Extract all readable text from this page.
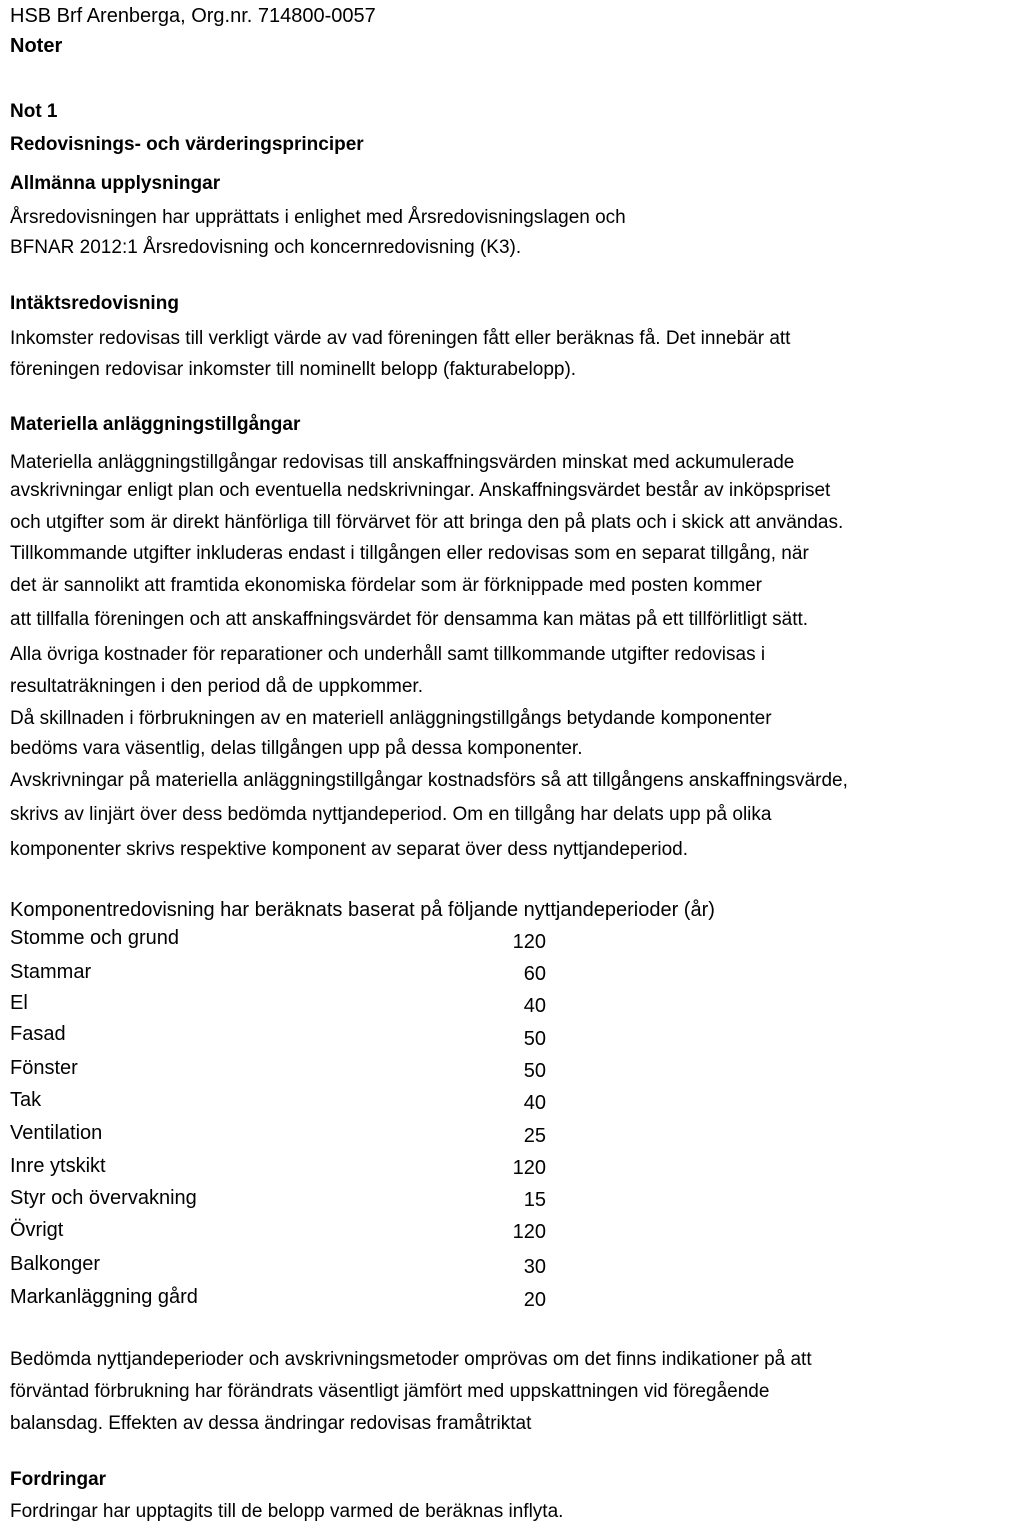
HSB Brf Arenberga, Org.nr. 714800-0057
Noter
Not 1
Redovisnings- och värderingsprinciper
Allmänna upplysningar
Årsredovisningen har upprättats i enlighet med Årsredovisningslagen och
BFNAR 2012:1 Årsredovisning och koncernredovisning (K3).
Intäktsredovisning
Inkomster redovisas till verkligt värde av vad föreningen fått eller beräknas få. Det innebär att
föreningen redovisar inkomster till nominellt belopp (fakturabelopp).
Materiella anläggningstillgångar
Materiella anläggningstillgångar redovisas till anskaffningsvärden minskat med ackumulerade
avskrivningar enligt plan och eventuella nedskrivningar. Anskaffningsvärdet består av inköpspriset
och utgifter som är direkt hänförliga till förvärvet för att bringa den på plats och i skick att användas.
Tillkommande utgifter inkluderas endast i tillgången eller redovisas som en separat tillgång, när
det är sannolikt att framtida ekonomiska fördelar som är förknippade med posten kommer
att tillfalla föreningen och att anskaffningsvärdet för densamma kan mätas på ett tillförlitligt sätt.
Alla övriga kostnader för reparationer och underhåll samt tillkommande utgifter redovisas i
resultaträkningen i den period då de uppkommer.
Då skillnaden i förbrukningen av en materiell anläggningstillgångs betydande komponenter
bedöms vara väsentlig, delas tillgången upp på dessa komponenter.
Avskrivningar på materiella anläggningstillgångar kostnadsförs så att tillgångens anskaffningsvärde,
skrivs av linjärt över dess bedömda nyttjandeperiod. Om en tillgång har delats upp på olika
komponenter skrivs respektive komponent av separat över dess nyttjandeperiod.
Komponentredovisning har beräknats baserat på följande nyttjandeperioder (år)
Stomme och grund	120
Stammar	60
El	40
Fasad	50
Fönster	50
Tak	40
Ventilation	25
Inre ytskikt	120
Styr och övervakning	15
Övrigt	120
Balkonger	30
Markanläggning gård	20
Bedömda nyttjandeperioder och avskrivningsmetoder omprövas om det finns indikationer på att
förväntad förbrukning har förändrats väsentligt jämfört med uppskattningen vid föregående
balansdag. Effekten av dessa ändringar redovisas framåtriktat
Fordringar
Fordringar har upptagits till de belopp varmed de beräknas inflyta.
